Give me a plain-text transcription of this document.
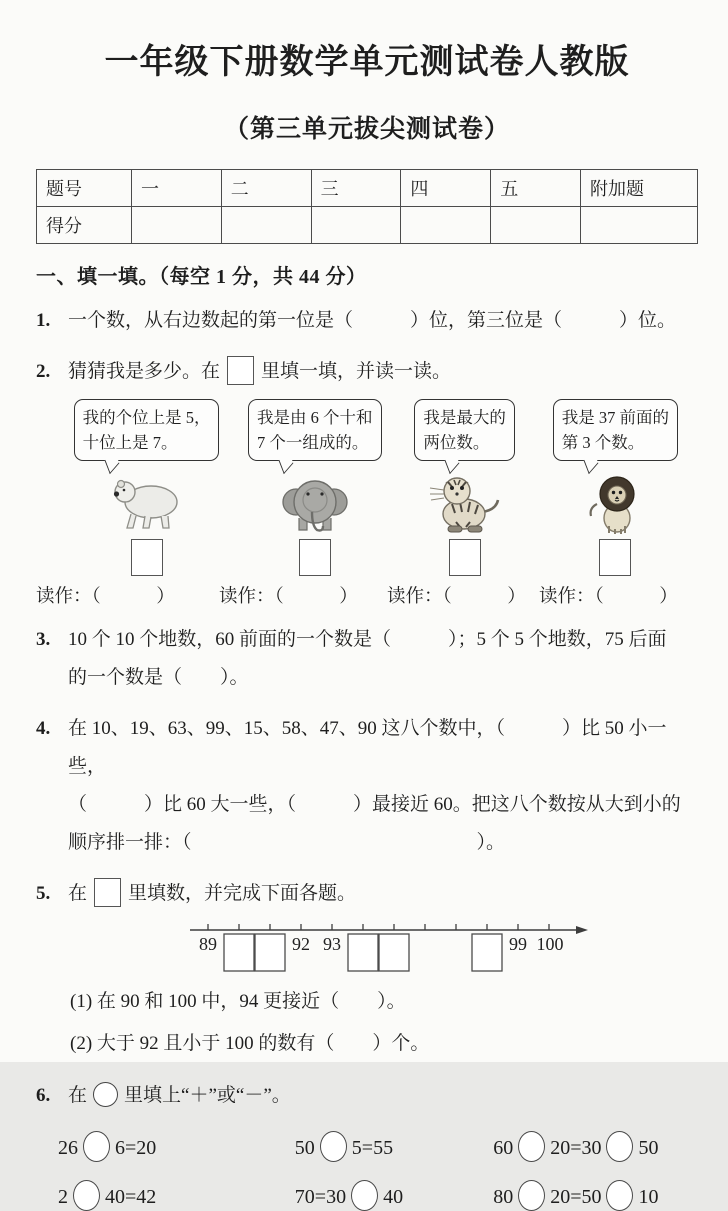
一年级下册数学单元测试卷人教版
（第三单元拔尖测试卷）
题号	一	二	三	四	五	附加题
得分						
一、填一填。（每空 1 分，共 44 分）
1. 一个数，从右边数起的第一位是（　　　）位，第三位是（　　　）位。
2. 猜猜我是多少。在 里填一填，并读一读。
我的个位上是 5，
十位上是 7。
我是由 6 个十和
7 个一组成的。
我是最大的
两位数。
我是 37 前面的
第 3 个数。
读作：（　　　）	读作：（　　　）	读作：（　　　） 读作：（　　　）
3. 10 个 10 个地数，60 前面的一个数是（　　　）；5 个 5 个地数，75 后面
的一个数是（　　）。
4. 在 10、19、63、99、15、58、47、90 这八个数中，（　　　）比 50 小一些，
（　　　）比 60 大一些，（　　　）最接近 60。把这八个数按从大到小的
顺序排一排：（　　　　　　　　　　　　　　　）。
5. 在 里填数，并完成下面各题。
89	92 93	99 100
(1) 在 90 和 100 中，94 更接近（　　）。
(2) 大于 92 且小于 100 的数有（　　）个。
6. 在 里填上“＋”或“－”。
26 6=20	50 5=55	60 20=30 50
2 40=42	70=30 40	80 20=50 10
